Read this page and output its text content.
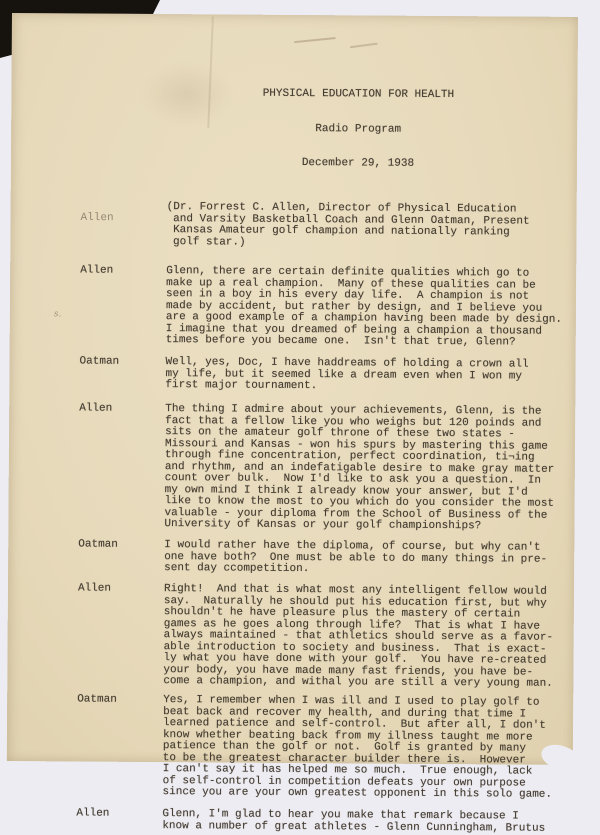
s.

PHYSICAL EDUCATION FOR HEALTH

Radio Program

December 29, 1938

Allen
(Dr. Forrest C. Allen, Director of Physical Education
and Varsity Basketball Coach and Glenn Oatman, Present
Kansas Amateur golf champion and nationally ranking
golf star.)
Allen	Glenn, there are certain definite qualities which go to
make up a real champion.  Many of these qualities can be
seen in a boy in his every day life.  A champion is not
made by accident, but rather by design, and I believe you
are a good example of a champion having been made by design.
I imagine that you dreamed of being a champion a thousand
times before you became one.  Isn't that true, Glenn?
Oatman	Well, yes, Doc, I have haddreams of holding a crown all
my life, but it seemed like a dream even when I won my
first major tournament.
Allen	The thing I admire about your achievements, Glenn, is the
fact that a fellow like you who weighs but 120 poinds and
sits on the amateur golf throne of these two states -
Missouri and Kansas - won his spurs by mastering this game
through fine concentration, perfect coordination, ti¬ing
and rhythm, and an indefatigable desire to make gray matter
count over bulk.  Now I'd like to ask you a question.  In
my own mind I think I already know your answer, but I'd
like to know the most to you which do you consider the most
valuable - your diploma from the School of Business of the
University of Kansas or your golf championships?
Oatman	I would rather have the diploma, of course, but why can't
one have both?  One must be able to do many things in pre-
sent day ccompetition.
Allen	Right!  And that is what most any intelligent fellow would
say.  Naturally he should put his education first, but why
shouldn't he have pleasure plus the mastery of certain
games as he goes along through life?  That is what I have
always maintained - that athletics should serve as a favor-
able introduction to society and business.  That is exact-
ly what you have done with your golf.  You have re-created
your body, you have made many fast friends, you have be-
come a champion, and withal you are still a very young man.
Oatman	Yes, I remember when I was ill and I used to play golf to
beat back and recover my health, and during that time I
learned patience and self-control.  But after all, I don't
know whether beating back from my illness taught me more
patience than the golf or not.  Golf is granted by many
to be the greatest character builder there is.  However
I can't say it has helped me so much.  True enough, lack
of self-control in competition defeats your own purpose
since you are your own greatest opponent in this solo game.
Allen	Glenn, I'm glad to hear you make that remark because I
know a number of great athletes - Glenn Cunningham, Brutus
